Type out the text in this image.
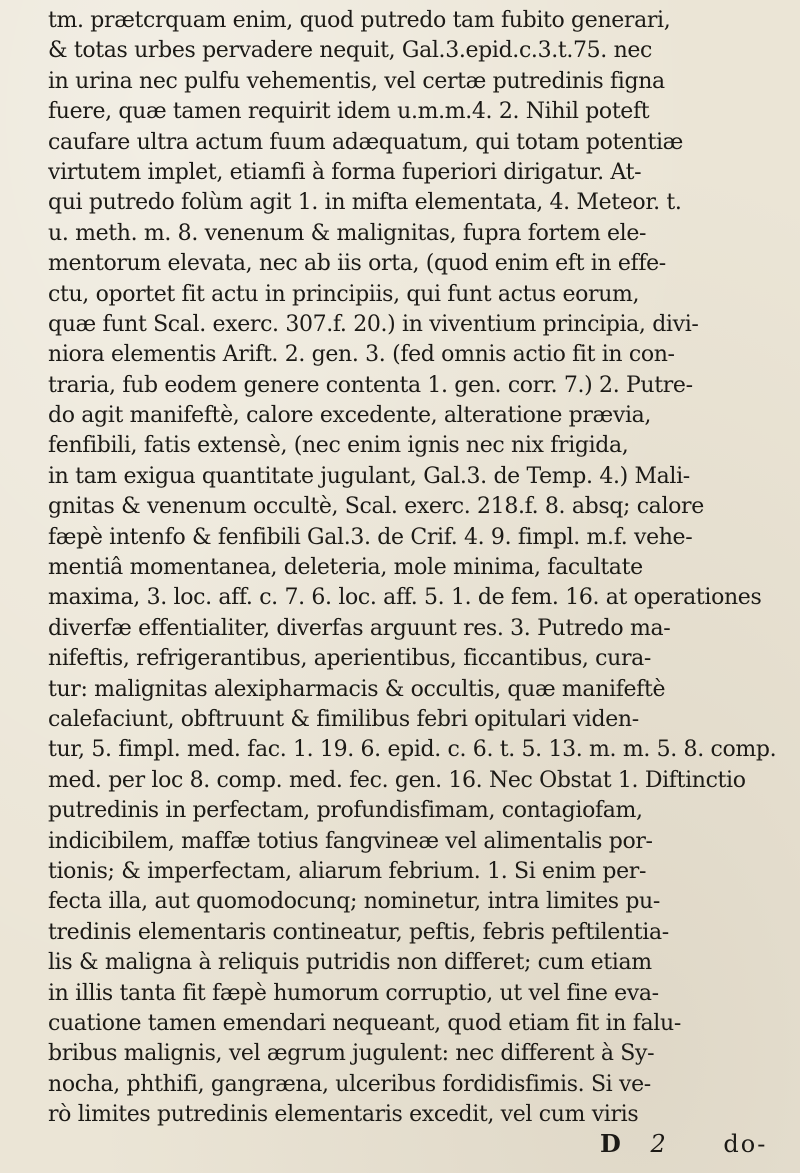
tm. prætcrquam enim, quod putredo tam fubito generari,
& totas urbes pervadere nequit, Gal.3.epid.c.3.t.75. nec
in urina nec pulfu vehementis, vel certæ putredinis figna
fuere, quæ tamen requirit idem u.m.m.4. 2. Nihil poteft
caufare ultra actum fuum adæquatum, qui totam potentiæ
virtutem implet, etiamfi à forma fuperiori dirigatur. At-
qui putredo folùm agit 1. in mifta elementata, 4. Meteor. t.
u. meth. m. 8. venenum & malignitas, fupra fortem ele-
mentorum elevata, nec ab iis orta, (quod enim eft in effe-
ctu, oportet fit actu in principiis, qui funt actus eorum,
quæ funt Scal. exerc. 307.f. 20.) in viventium principia, divi-
niora elementis Arift. 2. gen. 3. (fed omnis actio fit in con-
traria, fub eodem genere contenta 1. gen. corr. 7.) 2. Putre-
do agit manifeftè, calore excedente, alteratione prævia,
fenfibili, fatis extensè, (nec enim ignis nec nix frigida,
in tam exigua quantitate jugulant, Gal.3. de Temp. 4.) Mali-
gnitas & venenum occultè, Scal. exerc. 218.f. 8. absq; calore
fæpè intenfo & fenfibili Gal.3. de Crif. 4. 9. fimpl. m.f. vehe-
mentiâ momentanea, deleteria, mole minima, facultate
maxima, 3. loc. aff. c. 7. 6. loc. aff. 5. 1. de fem. 16. at operationes
diverfæ effentialiter, diverfas arguunt res. 3. Putredo ma-
nifeftis, refrigerantibus, aperientibus, ficcantibus, cura-
tur: malignitas alexipharmacis & occultis, quæ manifeftè
calefaciunt, obftruunt & fimilibus febri opitulari viden-
tur, 5. fimpl. med. fac. 1. 19. 6. epid. c. 6. t. 5. 13. m. m. 5. 8. comp.
med. per loc 8. comp. med. fec. gen. 16. Nec Obstat 1. Diftinctio
putredinis in perfectam, profundisfimam, contagiofam,
indicibilem, maffæ totius fangvineæ vel alimentalis por-
tionis; & imperfectam, aliarum febrium. 1. Si enim per-
fecta illa, aut quomodocunq; nominetur, intra limites pu-
tredinis elementaris contineatur, peftis, febris peftilentia-
lis & maligna à reliquis putridis non differet; cum etiam
in illis tanta fit fæpè humorum corruptio, ut vel fine eva-
cuatione tamen emendari nequeant, quod etiam fit in falu-
bribus malignis, vel ægrum jugulent: nec different à Sy-
nocha, phthifi, gangræna, ulceribus fordidisfimis. Si ve-
rò limites putredinis elementaris excedit, vel cum viris
D 2 do-
